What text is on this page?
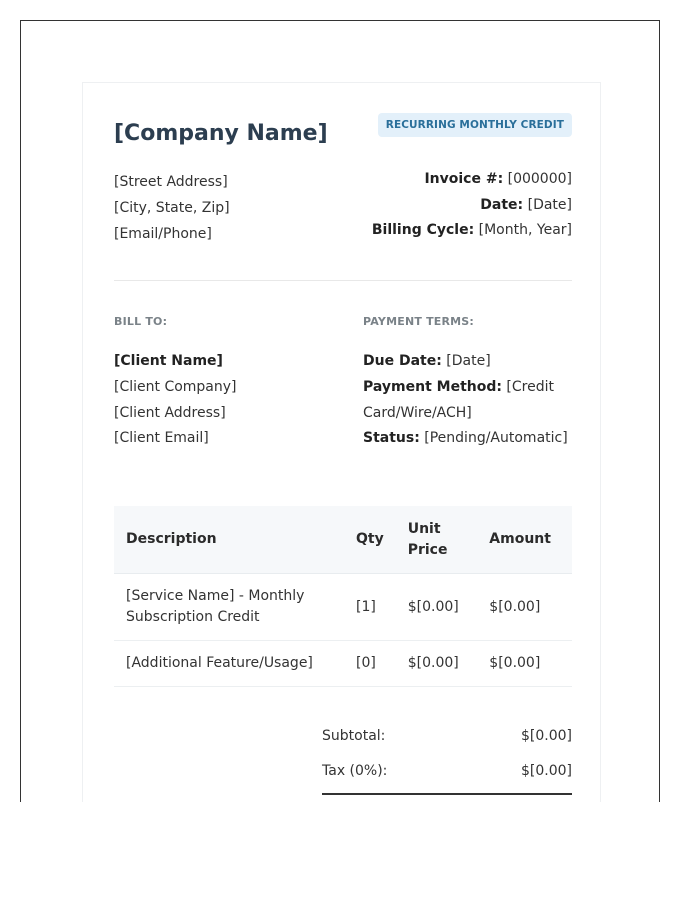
[Company Name]	RECURRING MONTHLY CREDIT
[Street Address]
[City, State, Zip]
[Email/Phone]
Invoice #: [000000]
Date: [Date]
Billing Cycle: [Month, Year]
BILL TO:	PAYMENT TERMS:
[Client Name]
[Client Company]
[Client Address]
[Client Email]
Due Date: [Date]
Payment Method: [Credit Card/Wire/ACH]
Status: [Pending/Automatic]
Description	Qty	Unit Price	Amount
[Service Name] - Monthly Subscription Credit	[1]	$[0.00]	$[0.00]
[Additional Feature/Usage]	[0]	$[0.00]	$[0.00]
Subtotal:	$[0.00]
Tax (0%):	$[0.00]
